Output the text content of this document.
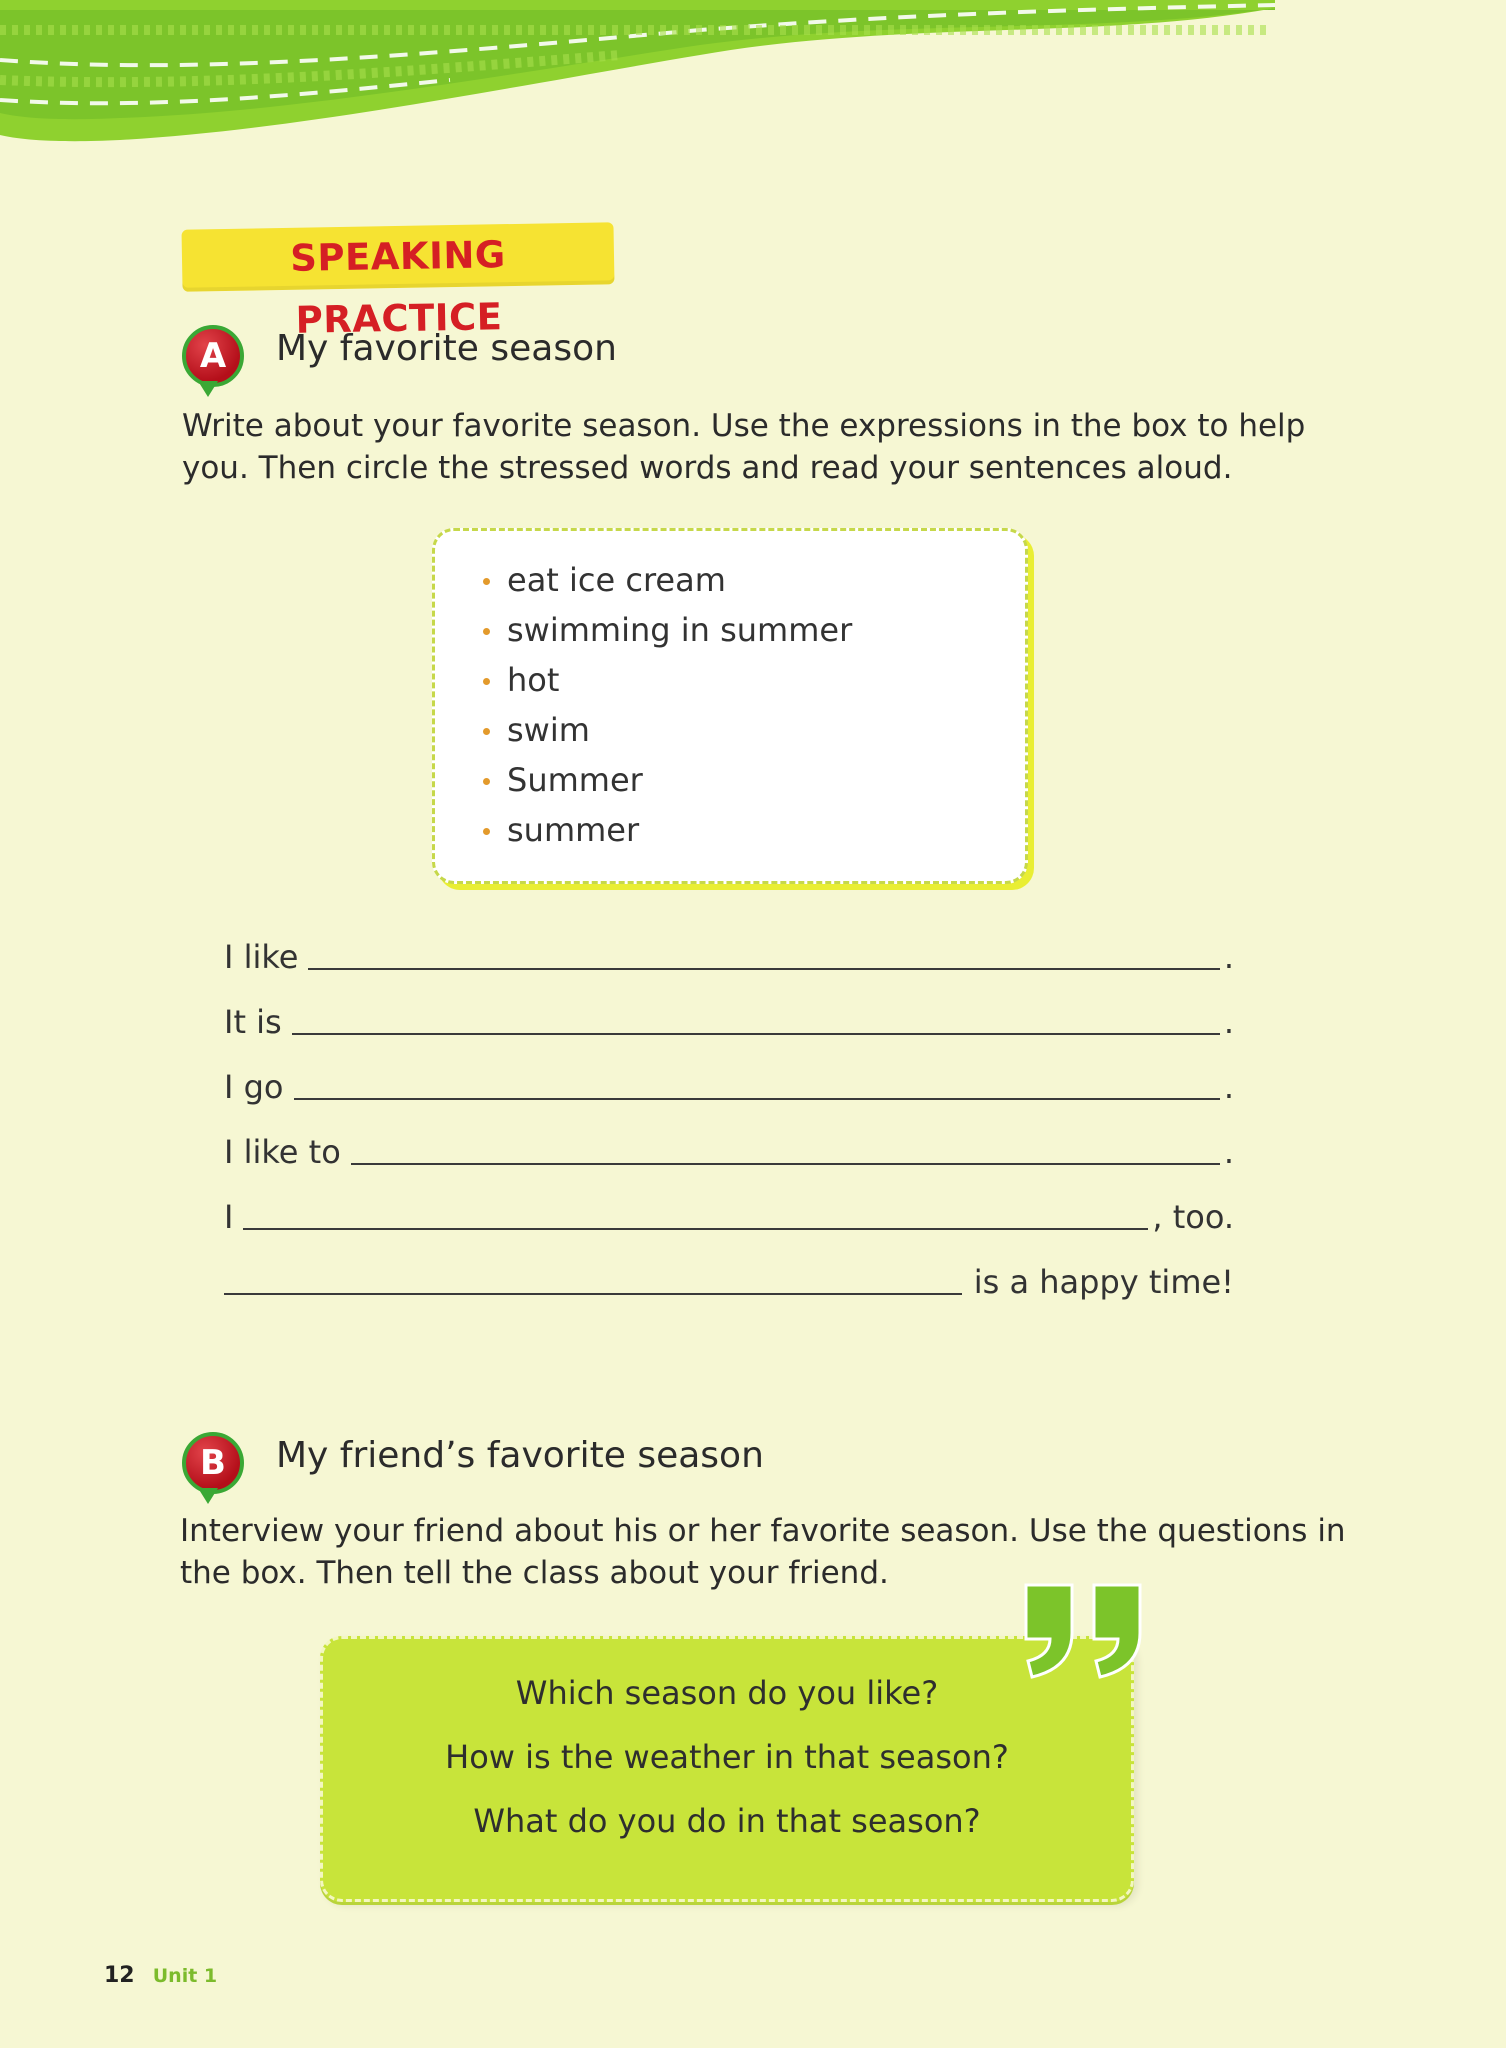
SPEAKING PRACTICE
A	My favorite season
Write about your favorite season. Use the expressions in the box to help
you. Then circle the stressed words and read your sentences aloud.
eat ice cream
swimming in summer
hot
swim
Summer
summer
I like	.
It is	.
I go	.
I like to	.
I	, too.
is a happy time!
B	My friend’s favorite season
Interview your friend about his or her favorite season. Use the questions in
the box. Then tell the class about your friend.

Which season do you like?

How is the weather in that season?

What do you do in that season?

12 Unit 1
